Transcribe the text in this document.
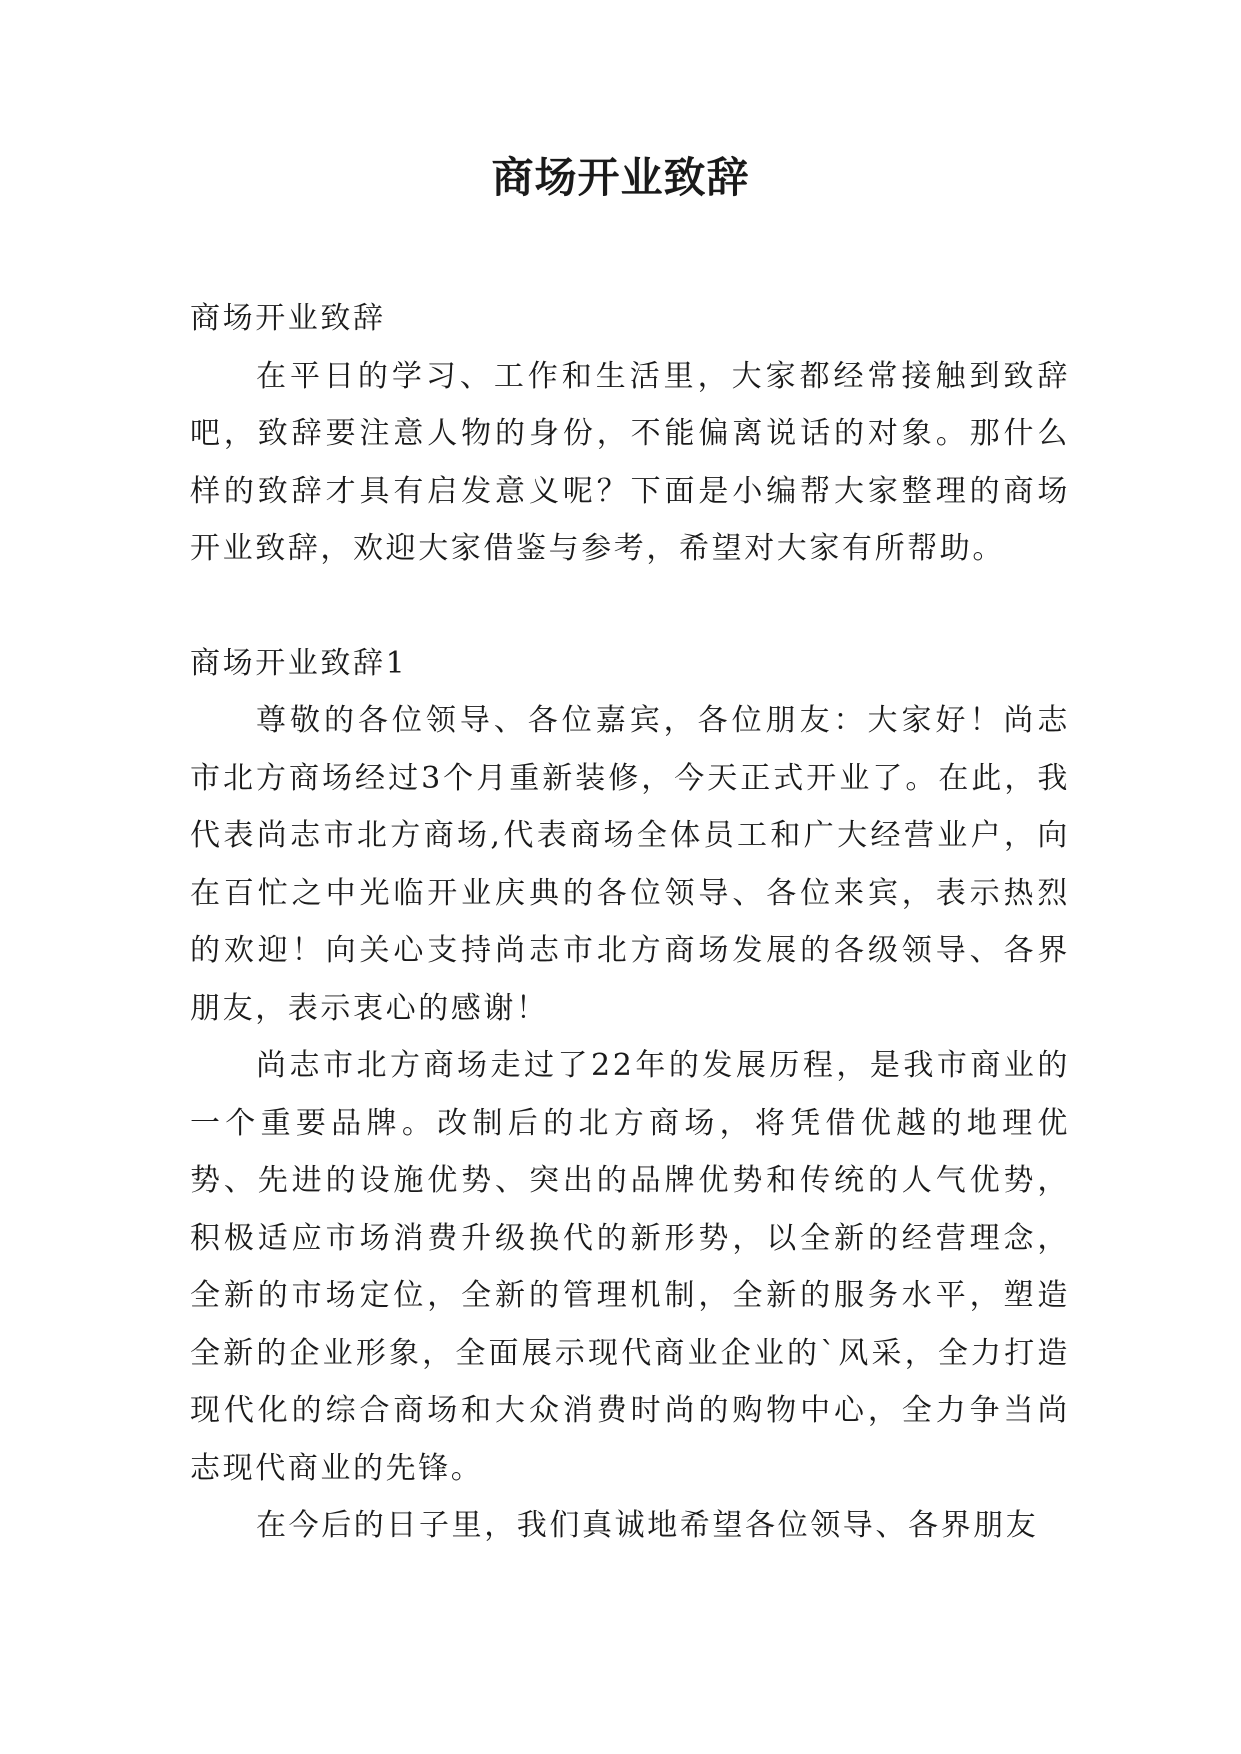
商场开业致辞

商场开业致辞

在平日的学习、工作和生活里，大家都经常接触到致辞吧，致辞要注意人物的身份，不能偏离说话的对象。那什么样的致辞才具有启发意义呢？下面是小编帮大家整理的商场开业致辞，欢迎大家借鉴与参考，希望对大家有所帮助。

商场开业致辞1

尊敬的各位领导、各位嘉宾，各位朋友：大家好！尚志市北方商场经过3个月重新装修，今天正式开业了。在此，我代表尚志市北方商场,代表商场全体员工和广大经营业户，向在百忙之中光临开业庆典的各位领导、各位来宾，表示热烈的欢迎！向关心支持尚志市北方商场发展的各级领导、各界朋友，表示衷心的感谢！

尚志市北方商场走过了22年的发展历程，是我市商业的一个重要品牌。改制后的北方商场，将凭借优越的地理优势、先进的设施优势、突出的品牌优势和传统的人气优势，积极适应市场消费升级换代的新形势，以全新的经营理念，全新的市场定位，全新的管理机制，全新的服务水平，塑造全新的企业形象，全面展示现代商业企业的`风采，全力打造现代化的综合商场和大众消费时尚的购物中心，全力争当尚志现代商业的先锋。

在今后的日子里，我们真诚地希望各位领导、各界朋友
